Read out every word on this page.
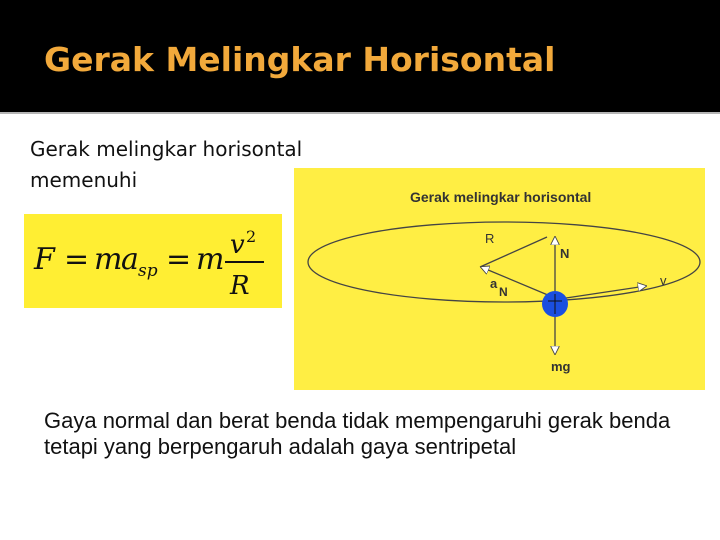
Gerak Melingkar Horisontal
Gerak melingkar horisontal
memenuhi
F = m
a sp = m v 2
R
Gerak melingkar horisontal
R
N
a
N
v
mg
Gaya normal dan berat benda tidak mempengaruhi gerak benda tetapi yang berpengaruh adalah gaya sentripetal
